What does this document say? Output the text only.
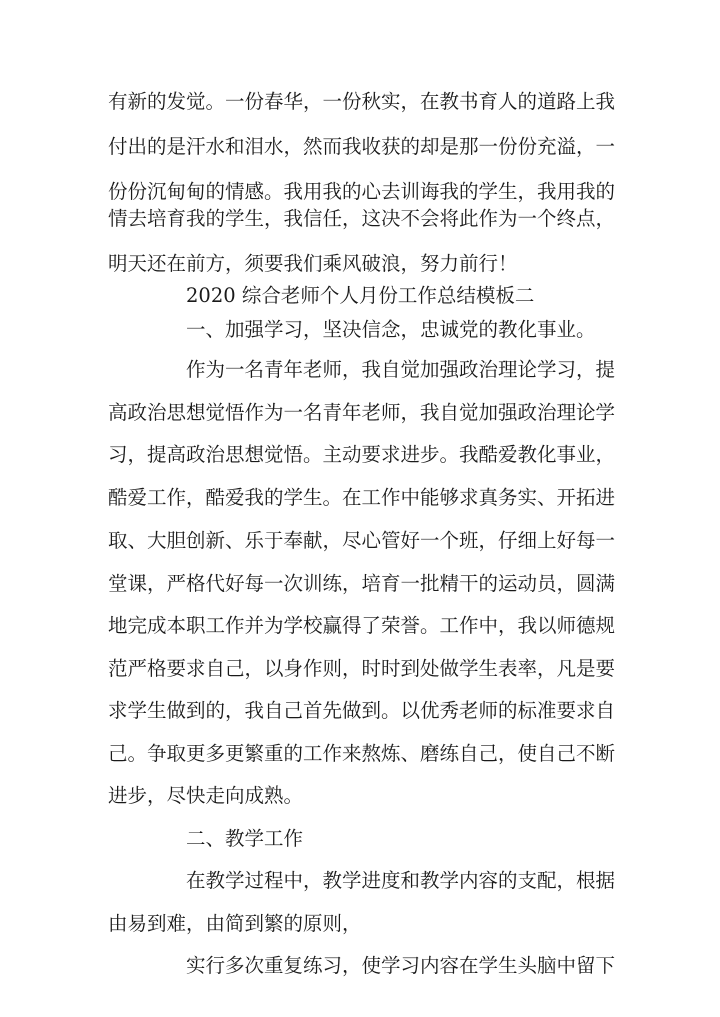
有新的发觉。一份春华，一份秋实，在教书育人的道路上我
付出的是汗水和泪水，然而我收获的却是那一份份充溢，一
份份沉甸甸的情感。我用我的心去训诲我的学生，我用我的
情去培育我的学生，我信任，这决不会将此作为一个终点，
明天还在前方，须要我们乘风破浪，努力前行！
2020 综合老师个人月份工作总结模板二
一、加强学习，坚决信念，忠诚党的教化事业。
作为一名青年老师，我自觉加强政治理论学习，提
高政治思想觉悟作为一名青年老师，我自觉加强政治理论学
习，提高政治思想觉悟。主动要求进步。我酷爱教化事业，
酷爱工作，酷爱我的学生。在工作中能够求真务实、开拓进
取、大胆创新、乐于奉献，尽心管好一个班，仔细上好每一
堂课，严格代好每一次训练，培育一批精干的运动员，圆满
地完成本职工作并为学校赢得了荣誉。工作中，我以师德规
范严格要求自己，以身作则，时时到处做学生表率，凡是要
求学生做到的，我自己首先做到。以优秀老师的标准要求自
己。争取更多更繁重的工作来熬炼、磨练自己，使自己不断
进步，尽快走向成熟。
二、教学工作
在教学过程中，教学进度和教学内容的支配，根据
由易到难，由简到繁的原则，
实行多次重复练习，使学习内容在学生头脑中留下
